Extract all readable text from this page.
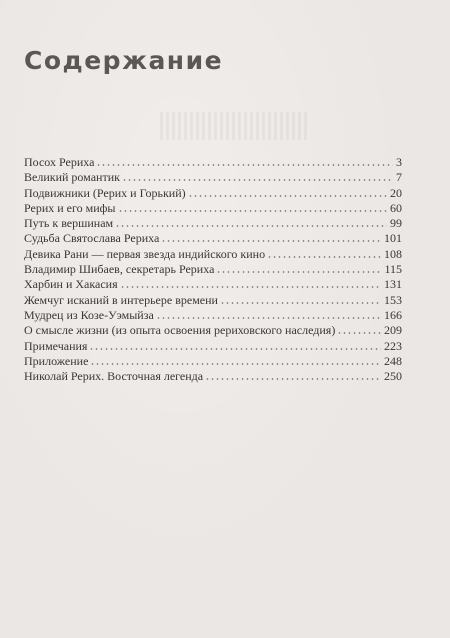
Содержание
Посох Рериха	3
Великий романтик	7
Подвижники (Рерих и Горький)	20
Рерих и его мифы	60
Путь к вершинам	99
Судьба Святослава Рериха	101
Девика Рани — первая звезда индийского кино	108
Владимир Шибаев, секретарь Рериха	115
Харбин и Хакасия	131
Жемчуг исканий в интерьере времени	153
Мудрец из Козе-Уэмыйза	166
О смысле жизни (из опыта освоения рериховского наследия)	209
Примечания	223
Приложение	248
Николай Рерих. Восточная легенда	250
